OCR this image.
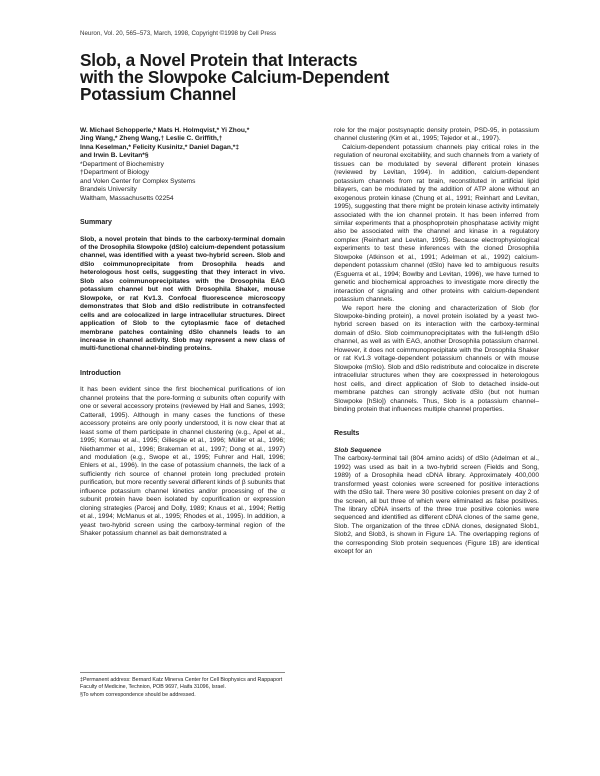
Neuron, Vol. 20, 565–573, March, 1998, Copyright ©1998 by Cell Press
Slob, a Novel Protein that Interacts
with the Slowpoke Calcium-Dependent
Potassium Channel

W. Michael Schopperle,* Mats H. Holmqvist,* Yi Zhou,*
Jing Wang,* Zheng Wang,† Leslie C. Griffith,†
Inna Keselman,* Felicity Kusinitz,* Daniel Dagan,*‡
and Irwin B. Levitan*§

*Department of Biochemistry
†Department of Biology
and Volen Center for Complex Systems
Brandeis University
Waltham, Massachusetts 02254

Summary

Slob, a novel protein that binds to the carboxy-terminal domain of the Drosophila Slowpoke (dSlo) calcium-dependent potassium channel, was identified with a yeast two-hybrid screen. Slob and dSlo coimmunoprecipitate from Drosophila heads and heterologous host cells, suggesting that they interact in vivo. Slob also coimmunoprecipitates with the Drosophila EAG potassium channel but not with Drosophila Shaker, mouse Slowpoke, or rat Kv1.3. Confocal fluorescence microscopy demonstrates that Slob and dSlo redistribute in cotransfected cells and are colocalized in large intracellular structures. Direct application of Slob to the cytoplasmic face of detached membrane patches containing dSlo channels leads to an increase in channel activity. Slob may represent a new class of multi-functional channel-binding proteins.

Introduction

It has been evident since the first biochemical purifications of ion channel proteins that the pore-forming α subunits often copurify with one or several accessory proteins (reviewed by Hall and Sanes, 1993; Catterall, 1995). Although in many cases the functions of these accessory proteins are only poorly understood, it is now clear that at least some of them participate in channel clustering (e.g., Apel et al., 1995; Kornau et al., 1995; Gillespie et al., 1996; Müller et al., 1996; Niethammer et al., 1996; Brakeman et al., 1997; Dong et al., 1997) and modulation (e.g., Swope et al., 1995; Fuhrer and Hall, 1996; Ehlers et al., 1996). In the case of potassium channels, the lack of a sufficiently rich source of channel protein long precluded protein purification, but more recently several different kinds of β subunits that influence potassium channel kinetics and/or processing of the α subunit protein have been isolated by copurification or expression cloning strategies (Parcej and Dolly, 1989; Knaus et al., 1994; Rettig et al., 1994; McManus et al., 1995; Rhodes et al., 1995). In addition, a yeast two-hybrid screen using the carboxy-terminal region of the Shaker potassium channel as bait demonstrated a

role for the major postsynaptic density protein, PSD-95, in potassium channel clustering (Kim et al., 1995; Tejedor et al., 1997).

Calcium-dependent potassium channels play critical roles in the regulation of neuronal excitability, and such channels from a variety of tissues can be modulated by several different protein kinases (reviewed by Levitan, 1994). In addition, calcium-dependent potassium channels from rat brain, reconstituted in artificial lipid bilayers, can be modulated by the addition of ATP alone without an exogenous protein kinase (Chung et al., 1991; Reinhart and Levitan, 1995), suggesting that there might be protein kinase activity intimately associated with the ion channel protein. It has been inferred from similar experiments that a phosphoprotein phosphatase activity might also be associated with the channel and kinase in a regulatory complex (Reinhart and Levitan, 1995). Because electrophysiological experiments to test these inferences with the cloned Drosophila Slowpoke (Atkinson et al., 1991; Adelman et al., 1992) calcium-dependent potassium channel (dSlo) have led to ambiguous results (Esguerra et al., 1994; Bowlby and Levitan, 1996), we have turned to genetic and biochemical approaches to investigate more directly the interaction of signaling and other proteins with calcium-dependent potassium channels.

We report here the cloning and characterization of Slob (for Slowpoke-binding protein), a novel protein isolated by a yeast two-hybrid screen based on its interaction with the carboxy-terminal domain of dSlo. Slob coimmunoprecipitates with the full-length dSlo channel, as well as with EAG, another Drosophila potassium channel. However, it does not coimmunoprecipitate with the Drosophila Shaker or rat Kv1.3 voltage-dependent potassium channels or with mouse Slowpoke (mSlo). Slob and dSlo redistribute and colocalize in discrete intracellular structures when they are coexpressed in heterologous host cells, and direct application of Slob to detached inside-out membrane patches can strongly activate dSlo (but not human Slowpoke [hSlo]) channels. Thus, Slob is a potassium channel–binding protein that influences multiple channel properties.

Results

Slob Sequence

The carboxy-terminal tail (804 amino acids) of dSlo (Adelman et al., 1992) was used as bait in a two-hybrid screen (Fields and Song, 1989) of a Drosophila head cDNA library. Approximately 400,000 transformed yeast colonies were screened for positive interactions with the dSlo tail. There were 30 positive colonies present on day 2 of the screen, all but three of which were eliminated as false positives. The library cDNA inserts of the three true positive colonies were sequenced and identified as different cDNA clones of the same gene, Slob. The organization of the three cDNA clones, designated Slob1, Slob2, and Slob3, is shown in Figure 1A. The overlapping regions of the corresponding Slob protein sequences (Figure 1B) are identical except for an

‡Permanent address: Bernard Katz Minerva Center for Cell Biophysics and Rappaport Faculty of Medicine, Technion, POB 9697, Haifa 31096, Israel.

§To whom correspondence should be addressed.
